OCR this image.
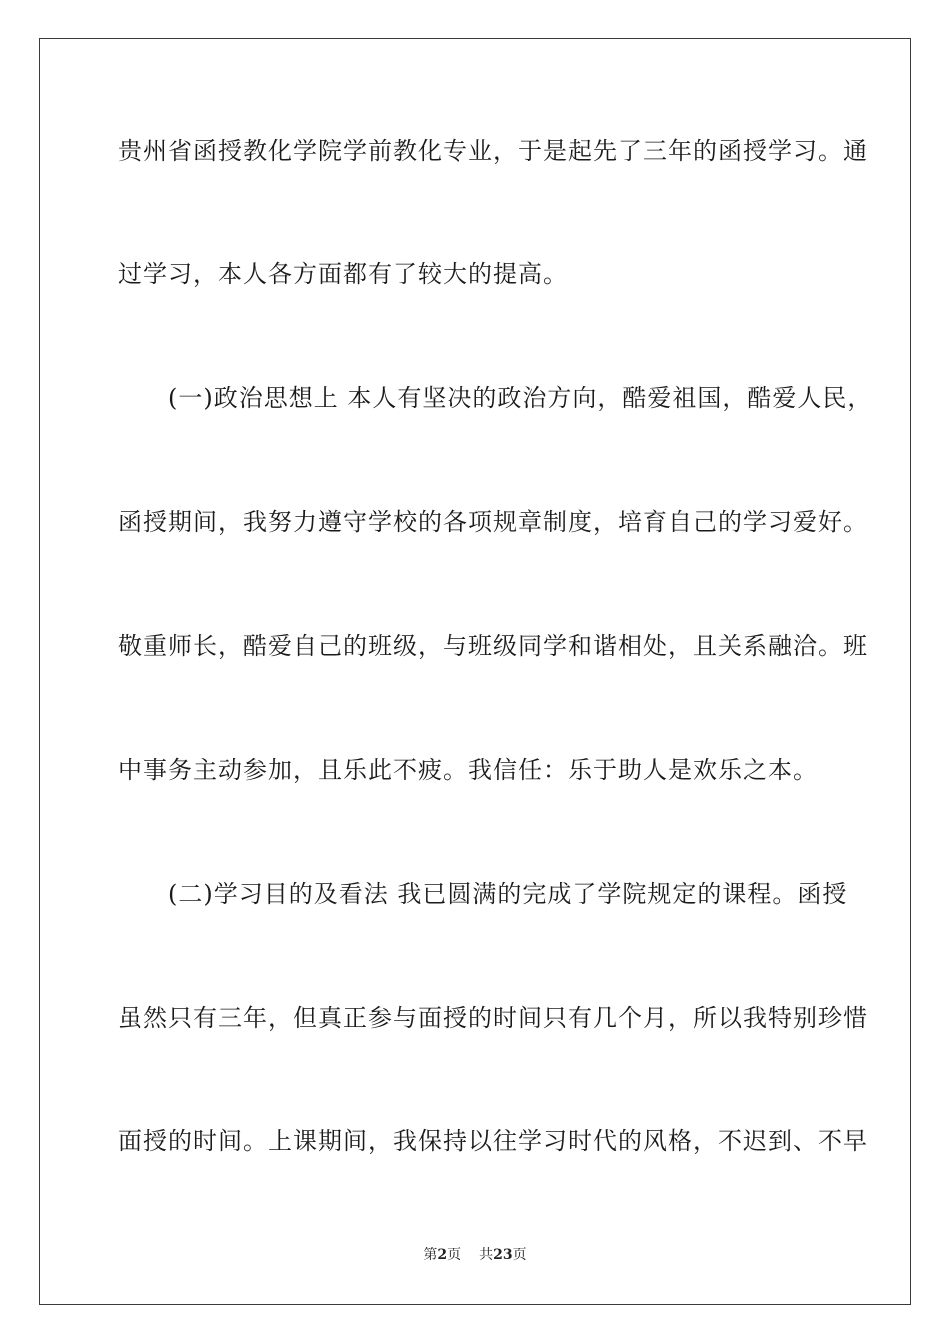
贵州省函授教化学院学前教化专业，于是起先了三年的函授学习。通
过学习，本人各方面都有了较大的提高。
　　(一)政治思想上 本人有坚决的政治方向，酷爱祖国，酷爱人民，
函授期间，我努力遵守学校的各项规章制度，培育自己的学习爱好。
敬重师长，酷爱自己的班级，与班级同学和谐相处，且关系融洽。班
中事务主动参加，且乐此不疲。我信任：乐于助人是欢乐之本。
　　(二)学习目的及看法 我已圆满的完成了学院规定的课程。函授
虽然只有三年，但真正参与面授的时间只有几个月，所以我特别珍惜
面授的时间。上课期间，我保持以往学习时代的风格，不迟到、不早
第2页 共23页
